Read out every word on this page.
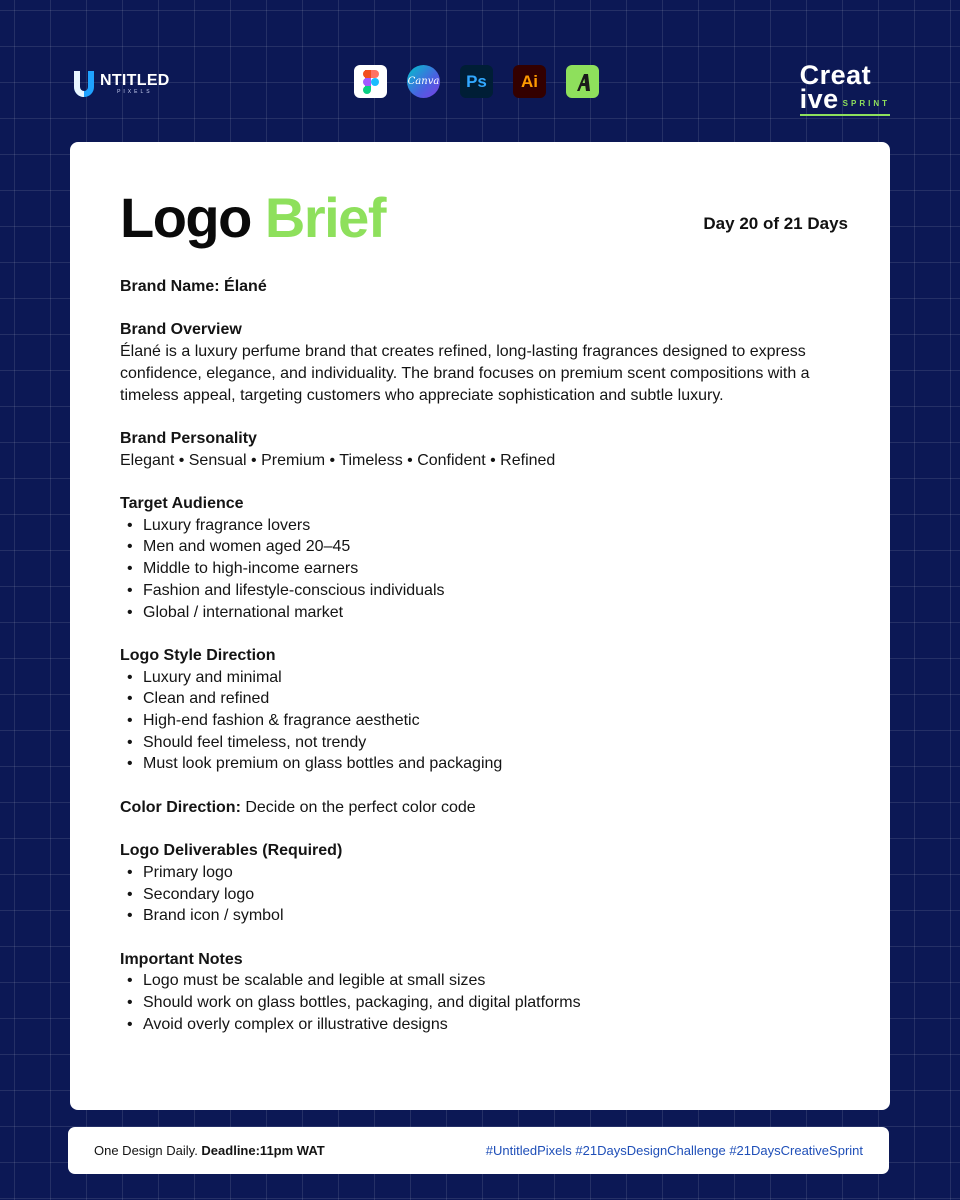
NTITLED
PIXELS
Canva	Ps	Ai	Creat
ive SPRINT
Logo Brief	Day 20 of 21 Days
Brand Name: Élané

Brand Overview

Élané is a luxury perfume brand that creates refined, long-lasting fragrances designed to express confidence, elegance, and individuality. The brand focuses on premium scent compositions with a timeless appeal, targeting customers who appreciate sophistication and subtle luxury.

Brand Personality

Elegant • Sensual • Premium • Timeless • Confident • Refined

Target Audience

• Luxury fragrance lovers
• Men and women aged 20–45
• Middle to high-income earners
• Fashion and lifestyle-conscious individuals
• Global / international market

Logo Style Direction

• Luxury and minimal
• Clean and refined
• High-end fashion & fragrance aesthetic
• Should feel timeless, not trendy
• Must look premium on glass bottles and packaging

Color Direction: Decide on the perfect color code

Logo Deliverables (Required)

• Primary logo
• Secondary logo
• Brand icon / symbol

Important Notes

• Logo must be scalable and legible at small sizes
• Should work on glass bottles, packaging, and digital platforms
• Avoid overly complex or illustrative designs
One Design Daily. Deadline:11pm WAT	#UntitledPixels #21DaysDesignChallenge #21DaysCreativeSprint
